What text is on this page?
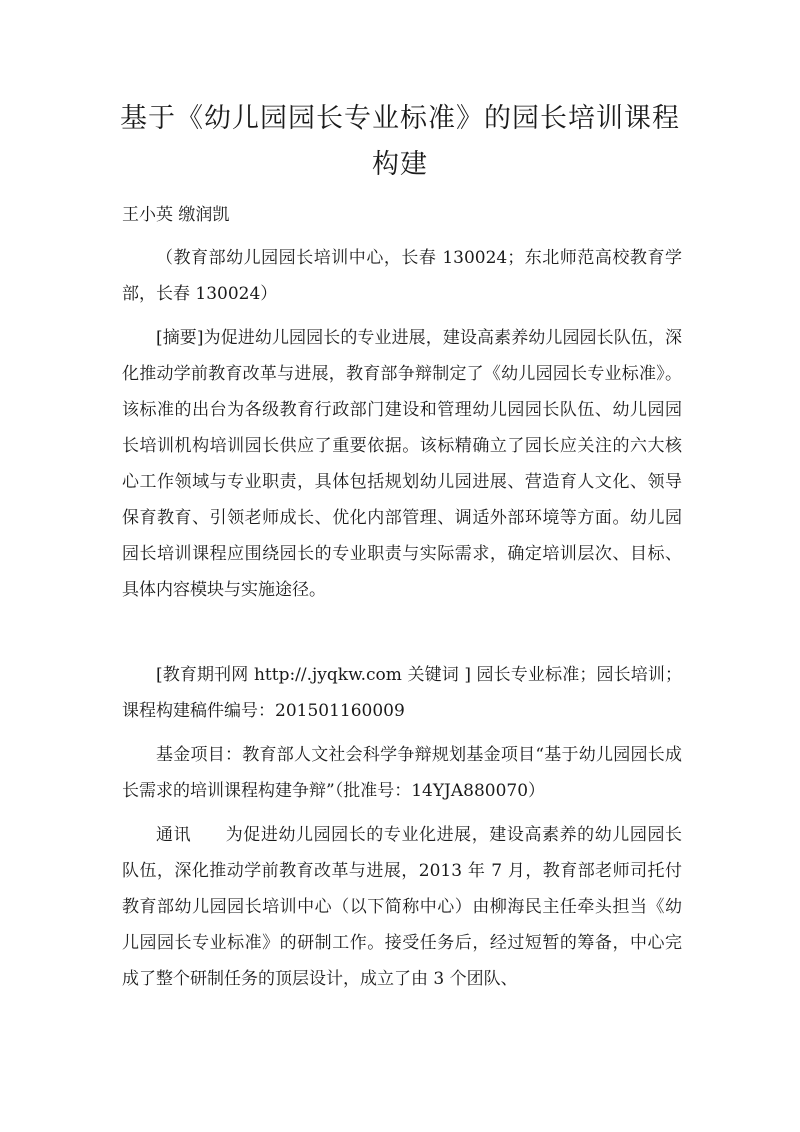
基于《幼儿园园长专业标准》的园长培训课程构建
王小英 缴润凯
（教育部幼儿园园长培训中心，长春 130024；东北师范高校教育学部，长春 130024）
[摘要]为促进幼儿园园长的专业进展，建设高素养幼儿园园长队伍，深化推动学前教育改革与进展，教育部争辩制定了《幼儿园园长专业标准》。该标准的出台为各级教育行政部门建设和管理幼儿园园长队伍、幼儿园园长培训机构培训园长供应了重要依据。该标精确立了园长应关注的六大核心工作领域与专业职责，具体包括规划幼儿园进展、营造育人文化、领导保育教育、引领老师成长、优化内部管理、调适外部环境等方面。幼儿园园长培训课程应围绕园长的专业职责与实际需求，确定培训层次、目标、具体内容模块与实施途径。
[教育期刊网 http://.jyqkw.com 关键词 ] 园长专业标准；园长培训；课程构建稿件编号：201501160009
基金项目：教育部人文社会科学争辩规划基金项目“基于幼儿园园长成长需求的培训课程构建争辩”（批准号：14YJA880070）
通讯 为促进幼儿园园长的专业化进展，建设高素养的幼儿园园长队伍，深化推动学前教育改革与进展，2013 年 7 月，教育部老师司托付教育部幼儿园园长培训中心（以下简称中心）由柳海民主任牵头担当《幼儿园园长专业标准》的研制工作。接受任务后，经过短暂的筹备，中心完成了整个研制任务的顶层设计，成立了由 3 个团队、
